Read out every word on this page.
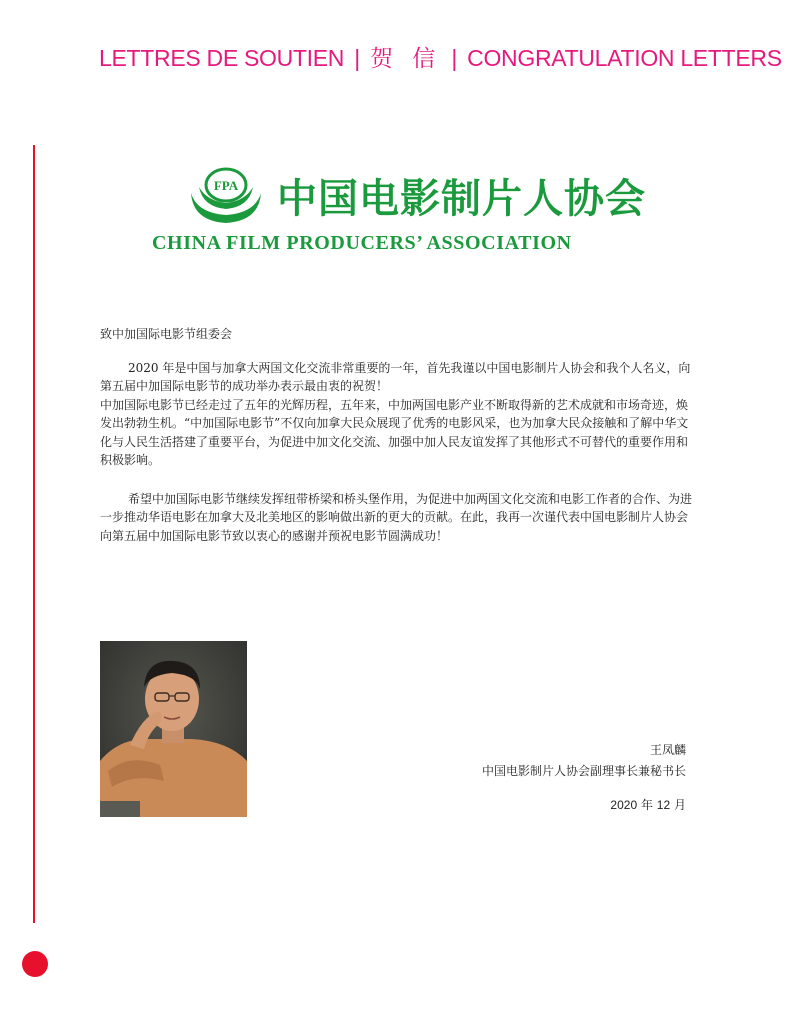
LETTRES DE SOUTIEN | 贺 信 | CONGRATULATION LETTERS
FPA 中国电影制片人协会
CHINA FILM PRODUCERS’ ASSOCIATION

致中加国际电影节组委会

2020 年是中国与加拿大两国文化交流非常重要的一年，首先我谨以中国电影制片人协会和我个人名义，向第五届中加国际电影节的成功举办表示最由衷的祝贺！

中加国际电影节已经走过了五年的光辉历程，五年来，中加两国电影产业不断取得新的艺术成就和市场奇迹，焕发出勃勃生机。“中加国际电影节”不仅向加拿大民众展现了优秀的电影风采，也为加拿大民众接触和了解中华文化与人民生活搭建了重要平台，为促进中加文化交流、加强中加人民友谊发挥了其他形式不可替代的重要作用和积极影响。

希望中加国际电影节继续发挥纽带桥梁和桥头堡作用，为促进中加两国文化交流和电影工作者的合作、为进一步推动华语电影在加拿大及北美地区的影响做出新的更大的贡献。在此，我再一次谨代表中国电影制片人协会向第五届中加国际电影节致以衷心的感谢并预祝电影节圆满成功！

王凤麟
中国电影制片人协会副理事长兼秘书长
2020 年 12 月
